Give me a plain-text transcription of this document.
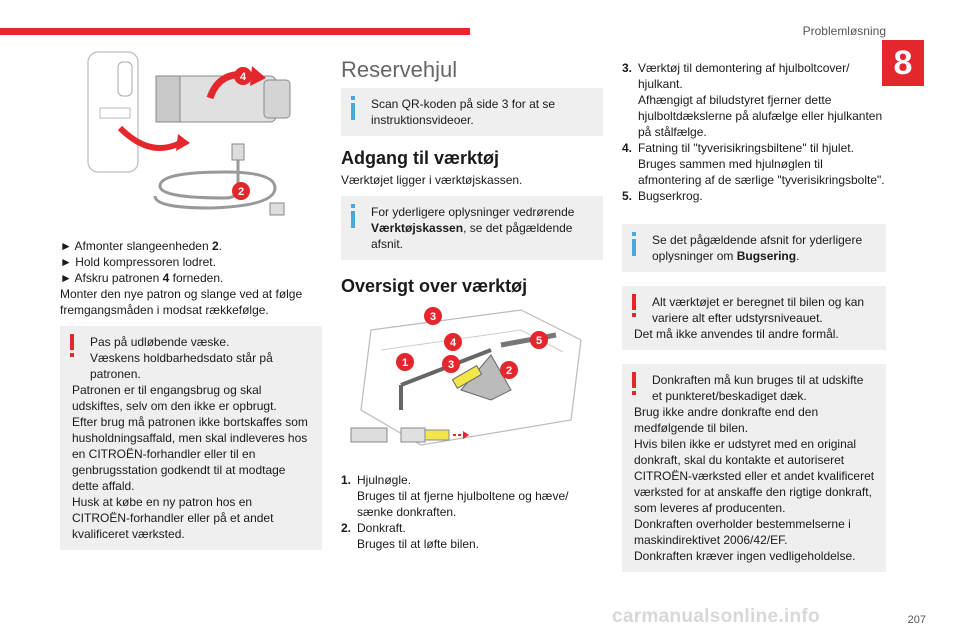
Problemløsning
8
4
2

► Afmonter slangeenheden 2.

► Hold kompressoren lodret.

► Afskru patronen 4 forneden.

Monter den nye patron og slange ved at følge fremgangsmåden i modsat rækkefølge.

Pas på udløbende væske.

Væskens holdbarhedsdato står på patronen.

Patronen er til engangsbrug og skal udskiftes, selv om den ikke er opbrugt.

Efter brug må patronen ikke bortskaffes som husholdningsaffald, men skal indleveres hos en CITROËN-forhandler eller til en genbrugsstation godkendt til at modtage dette affald.

Husk at købe en ny patron hos en CITROËN-forhandler eller på et andet kvalificeret værksted.

Reservehjul

Scan QR-koden på side 3 for at se instruktionsvideoer.

Adgang til værktøj

Værktøjet ligger i værktøjskassen.

For yderligere oplysninger vedrørende Værktøjskassen, se det pågældende afsnit.

Oversigt over værktøj
3
4	5
1	3	2
1. Hjulnøgle.

Bruges til at fjerne hjulboltene og hæve/ sænke donkraften.

2. Donkraft.

Bruges til at løfte bilen.

3. Værktøj til demontering af hjulboltcover/ hjulkant.

Afhængigt af biludstyret fjerner dette hjulboltdækslerne på alufælge eller hjulkanten på stålfælge.

4. Fatning til "tyverisikringsbiltene" til hjulet.

Bruges sammen med hjulnøglen til afmontering af de særlige "tyverisikringsbolte".

5. Bugserkrog.

Se det pågældende afsnit for yderligere oplysninger om Bugsering.

Alt værktøjet er beregnet til bilen og kan variere alt efter udstyrsniveauet.

Det må ikke anvendes til andre formål.

Donkraften må kun bruges til at udskifte et punkteret/beskadiget dæk.

Brug ikke andre donkrafte end den medfølgende til bilen.

Hvis bilen ikke er udstyret med en original donkraft, skal du kontakte et autoriseret CITROËN-værksted eller et andet kvalificeret værksted for at anskaffe den rigtige donkraft, som leveres af producenten.

Donkraften overholder bestemmelserne i maskindirektivet 2006/42/EF.

Donkraften kræver ingen vedligeholdelse.

carmanualsonline.info	207
